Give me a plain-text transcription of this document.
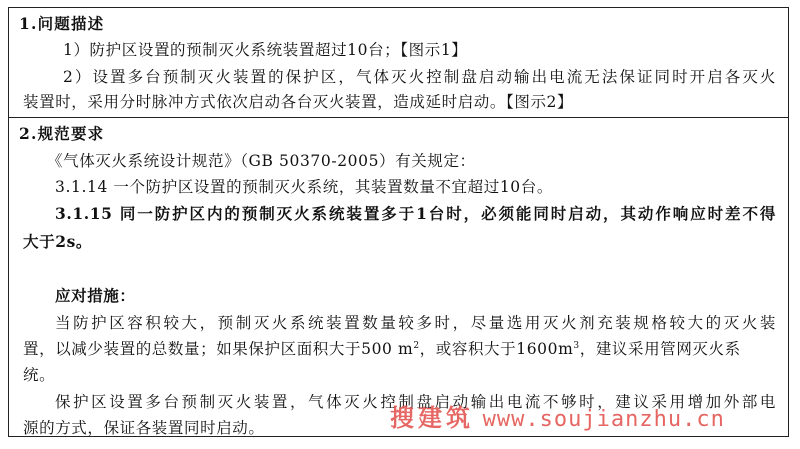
1.问题描述
1）防护区设置的预制灭火系统装置超过10台；【图示1】
2）设置多台预制灭火装置的保护区，气体灭火控制盘启动输出电流无法保证同时开启各灭火
装置时，采用分时脉冲方式依次启动各台灭火装置，造成延时启动。【图示2】
2.规范要求
《气体灭火系统设计规范》（GB 50370-2005）有关规定：
3.1.14 一个防护区设置的预制灭火系统，其装置数量不宜超过10台。
3.1.15 同一防护区内的预制灭火系统装置多于1台时，必须能同时启动，其动作响应时差不得
大于2s。
应对措施：
当防护区容积较大，预制灭火系统装置数量较多时，尽量选用灭火剂充装规格较大的灭火装
置，以减少装置的总数量；如果保护区面积大于500 $m^2$，或容积大于$1600m^3$，建议采用管网灭火系
统。
保护区设置多台预制灭火装置，气体灭火控制盘启动输出电流不够时，建议采用增加外部电
源的方式，保证各装置同时启动。	搜建筑 www.soujianzhu.cn
